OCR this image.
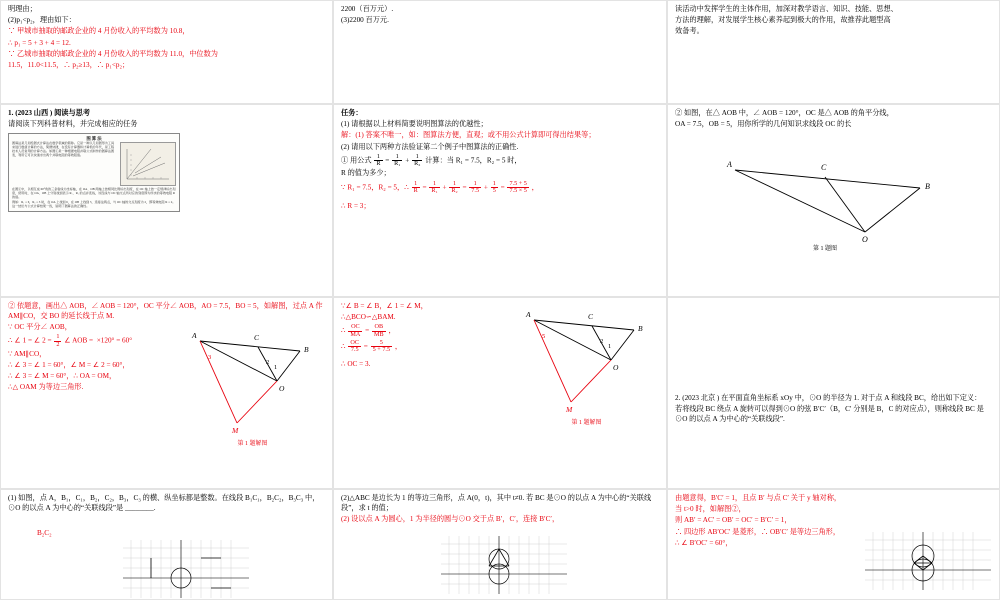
明理由；

(2)p₁<p₂，理由如下：

∵ 甲城市抽取的邮政企业的 4 月份收入的平均数为 10.8，

∴ p₁ = 5 + 3 + 4 = 12.

∵ 乙城市抽取的邮政企业的 4 月份收入的平均数为 11.0，中位数为

11.5，11.0<11.5，∴ p₂≥13，∴ p₁<p₂；

2200（百万元）.

(3)2200 百万元.

读活动中发挥学生的主体作用，加深对教学语言、知识、技能、思想、

方法的理解，对发展学生核心素养起到极大的作用，故推荐此题型高

效备考。

1. (2023 山西 ) 阅读与思考

请阅读下列科普材料，并完成相应的任务

图 算 法
图算法是几何绘图式计算法在数学领域的简称。它是一种以几何图形为工具来进行数值计算的方法，简便快捷，在没有计算器和计算机的年代，是工程技术人员常用的计算方法。如图①是一种根据电阻并联公式制作的图算法图表，利用它可以快速求出两个并联电阻的等效阻值。
在图①中，以相互成 60°角的三条射线为坐标轴，在 OA、OB 两轴上按相同比例标出刻度，在 OC 轴上按一定规律标出刻度，使用时，在 OA、OB 上分别找到表示 R₁、R₂ 的点并连线，该连线与 OC 轴交点所对应的刻度即为所求的等效电阻 R 的值。
例如：R₁ = 6，R₂ = 3 时，在 OA 上找到 6，在 OB 上找到 3，连接这两点，与 OC 轴的交点刻度为 2，即等效电阻 R = 2。这一结论与公式计算结果一致，说明了图算法的正确性。

任务：

(1) 请根据以上材料简要说明图算法的优越性；

解：(1) 答案不唯一，如：图算法方便，直观；或不用公式计算即可得出结果等；

(2) 请用以下两种方法验证第二个例子中图算法的正确性.

① 用公式 $\frac{1}{R} = \frac{1}{\text{R₁}} + \frac{1}{\text{R₂}}$ 计算：当 R₁ = 7.5，R₂ = 5 时，

R 的值为多少；

∵ R₁ = 7.5，R₂ = 5，∴ $\frac{1}{R} = \frac{1}{\text{R₁}} + \frac{1}{\text{R₂}} = \frac{1}{7.5} + \frac{1}{5} = \frac{7.5 + 5}{7.5 \times 5}$ ，

∴ R = 3；

② 如图，在△ AOB 中，∠ AOB = 120°，OC 是△ AOB 的角平分线，

OA = 7.5，OB = 5，用你所学的几何知识求线段 OC 的长

A	C
B
O
第 1 题图

② 依题意，画出△ AOB，∠ AOB = 120°，OC 平分∠ AOB，AO = 7.5，BO = 5，如解图，过点 A 作 AM∥CO，交 BO 的延长线于点 M.

∵ OC 平分∠ AOB，

∴ ∠ 1 = ∠ $2 = \frac{1}{2}$ ∠ AOB =  ×120° = 60°

∵ AM∥CO，

∴ ∠ 3 = ∠ 1 = 60°，∠ M = ∠ 2 = 60°，

∴ ∠ 3 = ∠ M = 60°，∴ OA = OM，

∴△ OAM 为等边三角形.

A	C
B
O
M
3
2
1
第 1 题解图

∵∠ B = ∠ B，∠ 1 = ∠ M，

∴△BCO∽△BAM.

∴ $\frac{OC}{MA} = \frac{OB}{MB}$ ，

∴ $\frac{OC}{7.5} = \frac{5}{5 + 7.5}$ ，

∴ OC = 3.

A	C
B
O
M
5
2
1
第 1 题解图

2. (2023 北京 ) 在平面直角坐标系 xOy 中，⊙O 的半径为 1. 对于点 A 和线段 BC，给出如下定义：

若将线段 BC 绕点 A 旋转可以得到⊙O 的弦 B′C′（B，C′ 分别是 B，C 的对应点），则称线段 BC 是⊙O 的以点 A 为中心的“关联线段”.

(1) 如图，点 A，B₁，C₁，B₂，C₂，B₃，C₃ 的横、纵坐标都是整数。在线段 B₁C₁，B₂C₂，B₃C₃ 中，⊙O 的以点 A 为中心的“关联线段”是 ________.

B₂C₂

(2)△ABC 是边长为 1 的等边三角形，点 A(0，t)，其中 t≠0. 若 BC 是⊙O 的以点 A 为中心的“关联线段”，求 t 的值；

(2) 设以点 A 为圆心，1 为半径的圆与⊙O 交于点 B′，C′，连接 B′C′，

由题意得，B′C′ = 1，且点 B′ 与点 C′ 关于 y 轴对称，

当 t>0 时，如解图②，

则 AB′ = AC′ = OB′ = OC′ = B′C′ = 1，

∴ 四边形 AB′OC′ 是菱形，∴ OB′C′ 是等边三角形，

∴ ∠ B′OC′ = 60°，
